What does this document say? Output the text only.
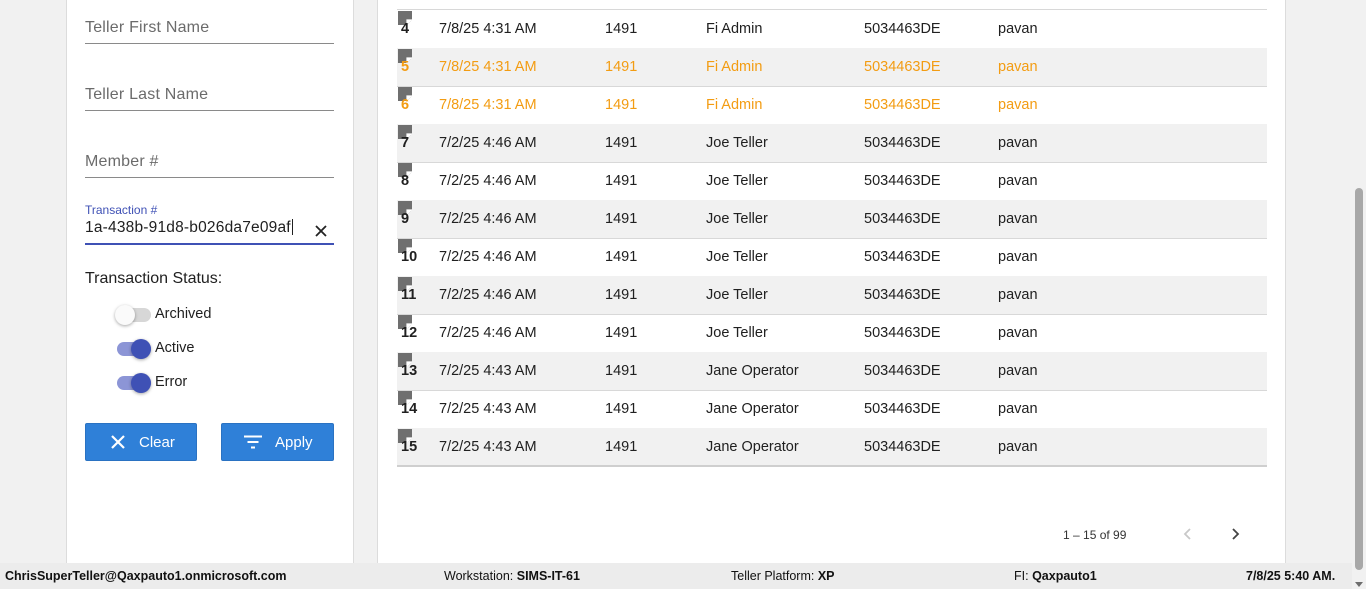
Teller First Name
Teller Last Name
Member #
Transaction #
1a-438b-91d8-b026da7e09af
Transaction Status:
Archived
Active
Error
Clear	Apply
4 7/8/25 4:31 AM	1491	Fi Admin	5034463DE	pavan
5 7/8/25 4:31 AM	1491	Fi Admin	5034463DE	pavan
6 7/8/25 4:31 AM	1491	Fi Admin	5034463DE	pavan
7 7/2/25 4:46 AM	1491	Joe Teller	5034463DE	pavan
8 7/2/25 4:46 AM	1491	Joe Teller	5034463DE	pavan
9 7/2/25 4:46 AM	1491	Joe Teller	5034463DE	pavan
10 7/2/25 4:46 AM	1491	Joe Teller	5034463DE	pavan
11 7/2/25 4:46 AM	1491	Joe Teller	5034463DE	pavan
12 7/2/25 4:46 AM	1491	Joe Teller	5034463DE	pavan
13 7/2/25 4:43 AM	1491	Jane Operator	5034463DE	pavan
14 7/2/25 4:43 AM	1491	Jane Operator	5034463DE	pavan
15 7/2/25 4:43 AM	1491	Jane Operator	5034463DE	pavan
1 – 15 of 99
ChrisSuperTeller@Qaxpauto1.onmicrosoft.com	Workstation: SIMS-IT-61	Teller Platform: XP	FI: Qaxpauto1	7/8/25 5:40 AM.
